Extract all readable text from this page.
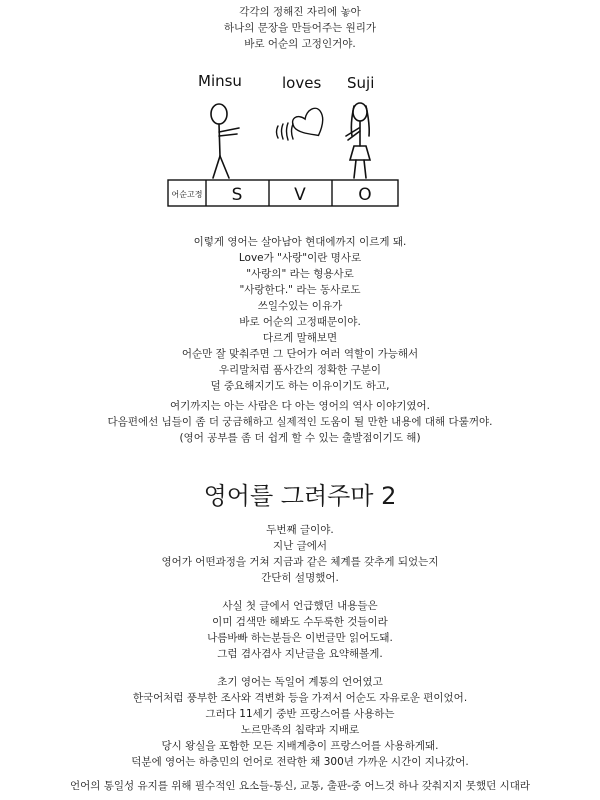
각각의 정해진 자리에 놓아
하나의 문장을 만들어주는 원리가
바로 어순의 고정인거야.
Minsu	loves Suji
어순고정 S	V	O
이렇게 영어는 살아남아 현대에까지 이르게 돼.
Love가 "사랑"이란 명사로
"사랑의" 라는 형용사로
"사랑한다." 라는 동사로도
쓰일수있는 이유가
바로 어순의 고정때문이야.
다르게 말해보면
어순만 잘 맞춰주면 그 단어가 여러 역할이 가능해서
우리말처럼 품사간의 정확한 구분이
덜 중요해지기도 하는 이유이기도 하고,
여기까지는 아는 사람은 다 아는 영어의 역사 이야기였어.
다음편에선 님들이 좀 더 궁금해하고 실제적인 도움이 될 만한 내용에 대해 다룰꺼야.
(영어 공부를 좀 더 쉽게 할 수 있는 출발점이기도 해)
영어를 그려주마 2
두번째 글이야.
지난 글에서
영어가 어떤과정을 거쳐 지금과 같은 체계를 갖추게 되었는지
간단히 설명했어.
사실 첫 글에서 언급했던 내용들은
이미 검색만 해봐도 수두룩한 것들이라
나름바빠 하는분들은 이번글만 읽어도돼.
그럼 겸사겸사 지난글을 요약해볼게.
초기 영어는 독일어 계통의 언어였고
한국어처럼 풍부한 조사와 격변화 등을 가져서 어순도 자유로운 편이었어.
그러다 11세기 중반 프랑스어를 사용하는
노르만족의 침략과 지배로
당시 왕실을 포함한 모든 지배계층이 프랑스어를 사용하게돼.
덕분에 영어는 하층민의 언어로 전락한 채 300년 가까운 시간이 지나갔어.
언어의 통일성 유지를 위해 필수적인 요소들-통신, 교통, 출판-중 어느것 하나 갖춰지지 못했던 시대라
